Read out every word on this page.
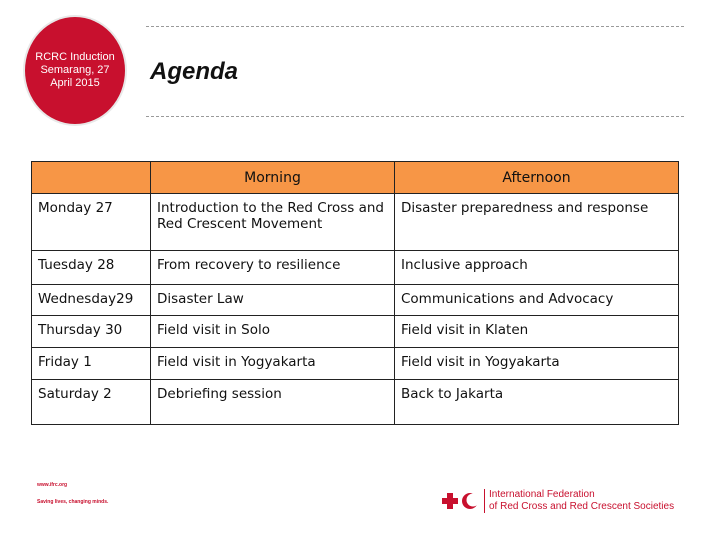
RCRC Induction Semarang, 27 April 2015	Agenda
	Morning	Afternoon
Monday 27	Introduction to the Red Cross and Red Crescent Movement	Disaster preparedness and response
Tuesday 28	From recovery to resilience	Inclusive approach
Wednesday29	Disaster Law	Communications and Advocacy
Thursday 30	Field visit in Solo	Field visit in Klaten
Friday 1	Field visit in Yogyakarta	Field visit in Yogyakarta
Saturday 2	Debriefing session	Back to Jakarta
www.ifrc.org
Saving lives, changing minds.
International Federation
of Red Cross and Red Crescent Societies
